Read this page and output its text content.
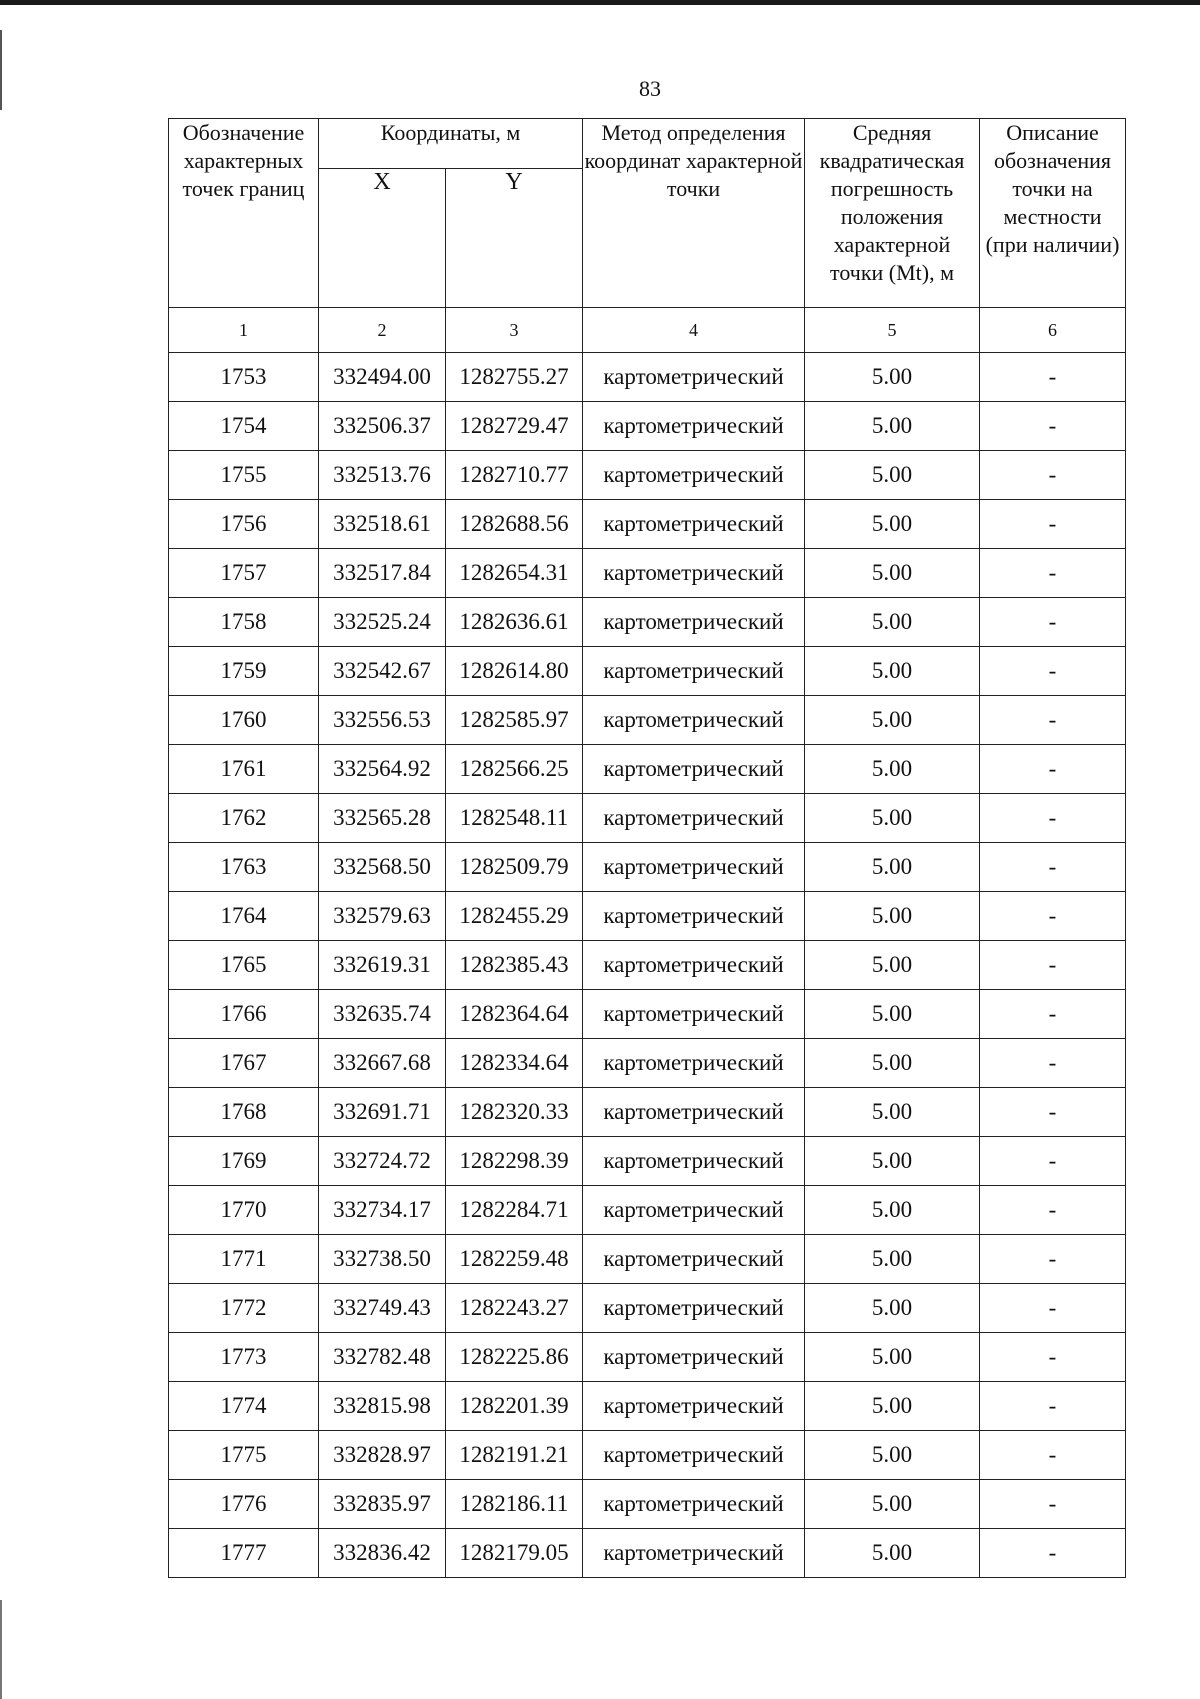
83
Обозначение характерных точек границ	Координаты, м		Метод определения координат характерной точки	Средняя квадратическая погрешность положения характерной точки (Mt), м	Описание обозначения точки на местности (при наличии)
	X	Y			
1	2	3	4	5	6
1753	332494.00	1282755.27	картометрический	5.00	-
1754	332506.37	1282729.47	картометрический	5.00	-
1755	332513.76	1282710.77	картометрический	5.00	-
1756	332518.61	1282688.56	картометрический	5.00	-
1757	332517.84	1282654.31	картометрический	5.00	-
1758	332525.24	1282636.61	картометрический	5.00	-
1759	332542.67	1282614.80	картометрический	5.00	-
1760	332556.53	1282585.97	картометрический	5.00	-
1761	332564.92	1282566.25	картометрический	5.00	-
1762	332565.28	1282548.11	картометрический	5.00	-
1763	332568.50	1282509.79	картометрический	5.00	-
1764	332579.63	1282455.29	картометрический	5.00	-
1765	332619.31	1282385.43	картометрический	5.00	-
1766	332635.74	1282364.64	картометрический	5.00	-
1767	332667.68	1282334.64	картометрический	5.00	-
1768	332691.71	1282320.33	картометрический	5.00	-
1769	332724.72	1282298.39	картометрический	5.00	-
1770	332734.17	1282284.71	картометрический	5.00	-
1771	332738.50	1282259.48	картометрический	5.00	-
1772	332749.43	1282243.27	картометрический	5.00	-
1773	332782.48	1282225.86	картометрический	5.00	-
1774	332815.98	1282201.39	картометрический	5.00	-
1775	332828.97	1282191.21	картометрический	5.00	-
1776	332835.97	1282186.11	картометрический	5.00	-
1777	332836.42	1282179.05	картометрический	5.00	-
